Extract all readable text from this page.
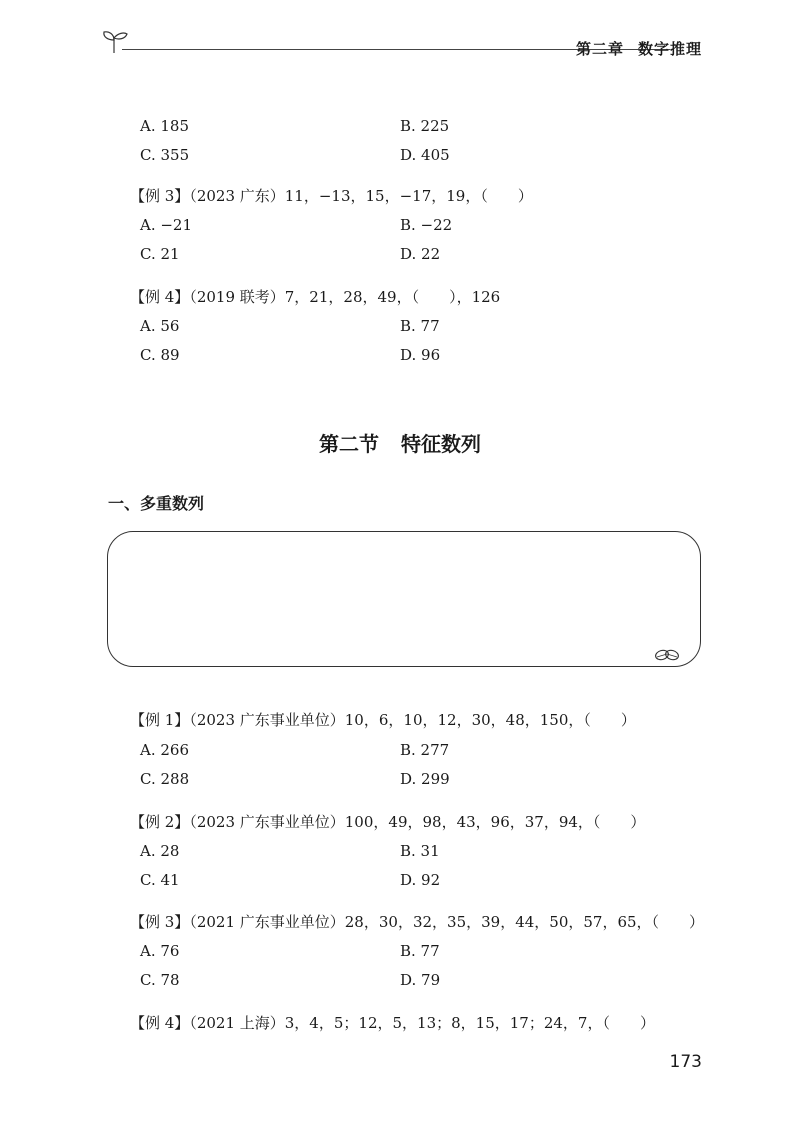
第二章 数字推理
A. 185	B. 225
C. 355	D. 405
【例 3】（2023 广东）11，−13，15，−17，19，（　　）
A. −21	B. −22
C. 21	D. 22
【例 4】（2019 联考）7，21，28，49，（　　），126
A. 56	B. 77
C. 89	D. 96
第二节 特征数列
一、多重数列
【例 1】（2023 广东事业单位）10，6，10，12，30，48，150，（　　）
A. 266	B. 277
C. 288	D. 299
【例 2】（2023 广东事业单位）100，49，98，43，96，37，94，（　　）
A. 28	B. 31
C. 41	D. 92
【例 3】（2021 广东事业单位）28，30，32，35，39，44，50，57，65，（　　）
A. 76	B. 77
C. 78	D. 79
【例 4】（2021 上海）3，4，5；12，5，13；8，15，17；24，7，（　　）
173
